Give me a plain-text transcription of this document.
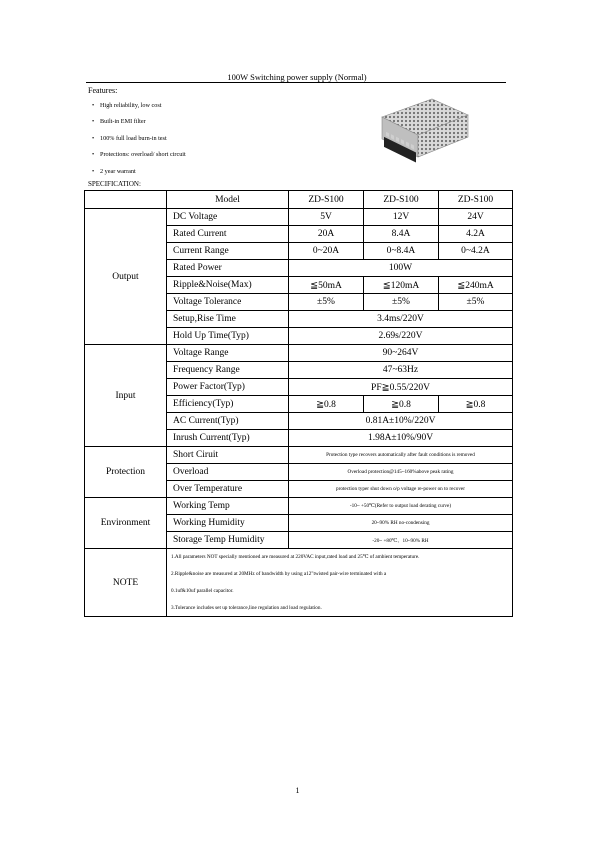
100W Switching power supply (Normal)
Features:
• High reliability, low cost
• Built-in EMI filter
• 100% full load burn-in test
• Protections: overload/ short circuit
• 2 year warrant
SPECIFICATION:
	Model	ZD-S100	ZD-S100	ZD-S100
Output	DC Voltage	5V	12V	24V
	Rated Current	20A	8.4A	4.2A
	Current Range	0~20A	0~8.4A	0~4.2A
	Rated Power	100W		
	Ripple&Noise(Max)	≦50mA	≦120mA	≦240mA
	Voltage Tolerance	±5%	±5%	±5%
	Setup,Rise Time	3.4ms/220V		
	Hold Up Time(Typ)	2.69s/220V		
Input	Voltage Range	90~264V		
	Frequency Range	47~63Hz		
	Power Factor(Typ)	PF≧0.55/220V		
	Efficiency(Typ)	≧0.8	≧0.8	≧0.8
	AC Current(Typ)	0.81A±10%/220V		
	Inrush Current(Typ)	1.98A±10%/90V		
Protection	Short Ciruit	Protection type recovers automatically after fault conditions is removed		
	Overload	Overload protection@145~160%above peak rating		
	Over Temperature	protection typer shut down o/p voltage re-power on to recover		
Environment	Working Temp	-10~ +50℃(Refer to output load derating curve)		
	Working Humidity	20~90% RH no-condensing		
	Storage Temp Humidity	-20~ +80℃、10~90% RH		
NOTE	1.All parameters NOT specially mentioned are measured at 220VAC input,rated load and 25℃ of ambient temperature.			
	2.Ripple&noise are measured at 20MHz of bandwidth by using a12"twisted pair-wire terminated with a			
	0.1uf&10uf parallel capacitor.			
	3.Tolerance includes set up tolerance,line regulation and load regulation.			
1
